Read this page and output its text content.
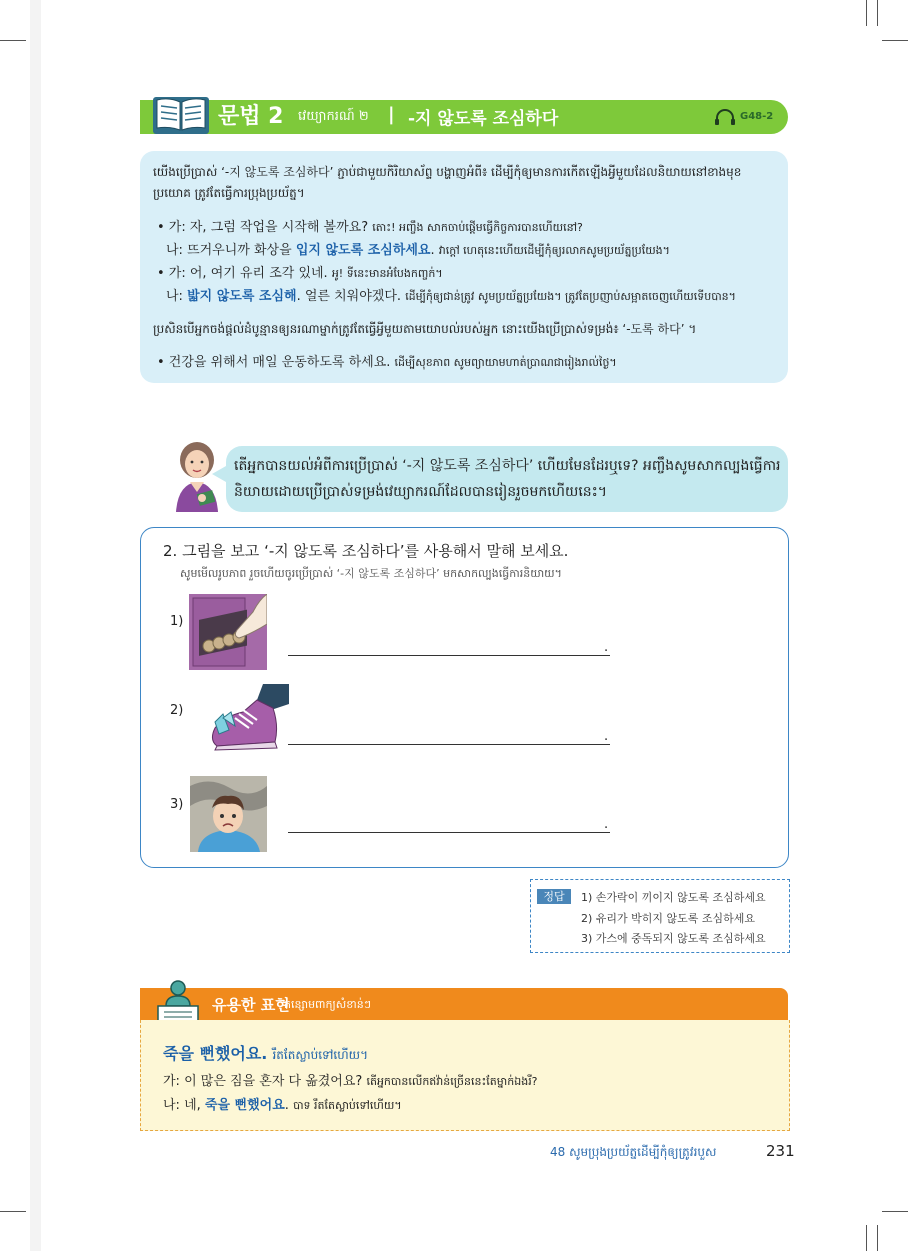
문법 2 វេយ្យាករណ៍ ២ | -지 않도록 조심하다	G48-2
យើងប្រើប្រាស់ ‘-지 않도록 조심하다’ ភ្ជាប់ជាមួយកិរិយាស័ព្ទ បង្ហាញអំពី៖ ដើម្បីកុំឲ្យមានការកើតឡើងអ្វីមួយដែលនិយាយនៅខាងមុខ
ប្រយោគ ត្រូវតែធ្វើការប្រុងប្រយ័ត្ន។
• 가: 자, 그럼 작업을 시작해 볼까요? តោះ! អញ្ចឹង សាកចាប់ផ្ដើមធ្វើកិច្ចការបានហើយនៅ?
나: 뜨거우니까 화상을 입지 않도록 조심하세요. វាក្ដៅ ហេតុនេះហើយដើម្បីកុំឲ្យរលាកសូមប្រយ័ត្នប្រយែង។
• 가: 어, 여기 유리 조각 있네. អូ! ទីនេះមានអំបែងកញ្ចក់។
나: 밟지 않도록 조심해. 얼른 치워야겠다. ដើម្បីកុំឲ្យជាន់ត្រូវ សូមប្រយ័ត្នប្រយែង។ ត្រូវតែប្រញាប់សម្អាតចេញហើយទើបបាន។
ប្រសិនបើអ្នកចង់ផ្ដល់ដំបូន្មានឲ្យនរណាម្នាក់ត្រូវតែធ្វើអ្វីមួយតាមយោបល់របស់អ្នក នោះយើងប្រើប្រាស់ទម្រង់៖ ‘-도록 하다’ ។
• 건강을 위해서 매일 운동하도록 하세요. ដើម្បីសុខភាព សូមព្យាយាមហាត់ប្រាណជារៀងរាល់ថ្ងៃ។
តើអ្នកបានយល់អំពីការប្រើប្រាស់ ‘-지 않도록 조심하다’ ហើយមែនដែរឬទេ? អញ្ចឹងសូមសាកល្បងធ្វើការ
និយាយដោយប្រើប្រាស់ទម្រង់វេយ្យាករណ៍ដែលបានរៀនរួចមកហើយនេះ។
2. 그림을 보고 ‘-지 않도록 조심하다’를 사용해서 말해 보세요.
សូមមើលរូបភាព រួចហើយចូរប្រើប្រាស់ ‘-지 않도록 조심하다’ មកសាកល្បងធ្វើការនិយាយ។
1)
.
2)
.
3)
.
정답	1) 손가락이 끼이지 않도록 조심하세요
2) 유리가 박히지 않도록 조심하세요
3) 가스에 중독되지 않도록 조심하세요
유용한 표현
កន្សោមពាក្យសំខាន់ៗ
죽을 뻔했어요. រឹតតែស្លាប់ទៅហើយ។
가: 이 많은 짐을 혼자 다 옮겼어요? តើអ្នកបានលើកឥវ៉ាន់ច្រើននេះតែម្នាក់ឯងរឺ?
나: 네, 죽을 뻔했어요. បាទ រឹតតែស្លាប់ទៅហើយ។
48 សូមប្រុងប្រយ័ត្នដើម្បីកុំឲ្យត្រូវរបួស	231
